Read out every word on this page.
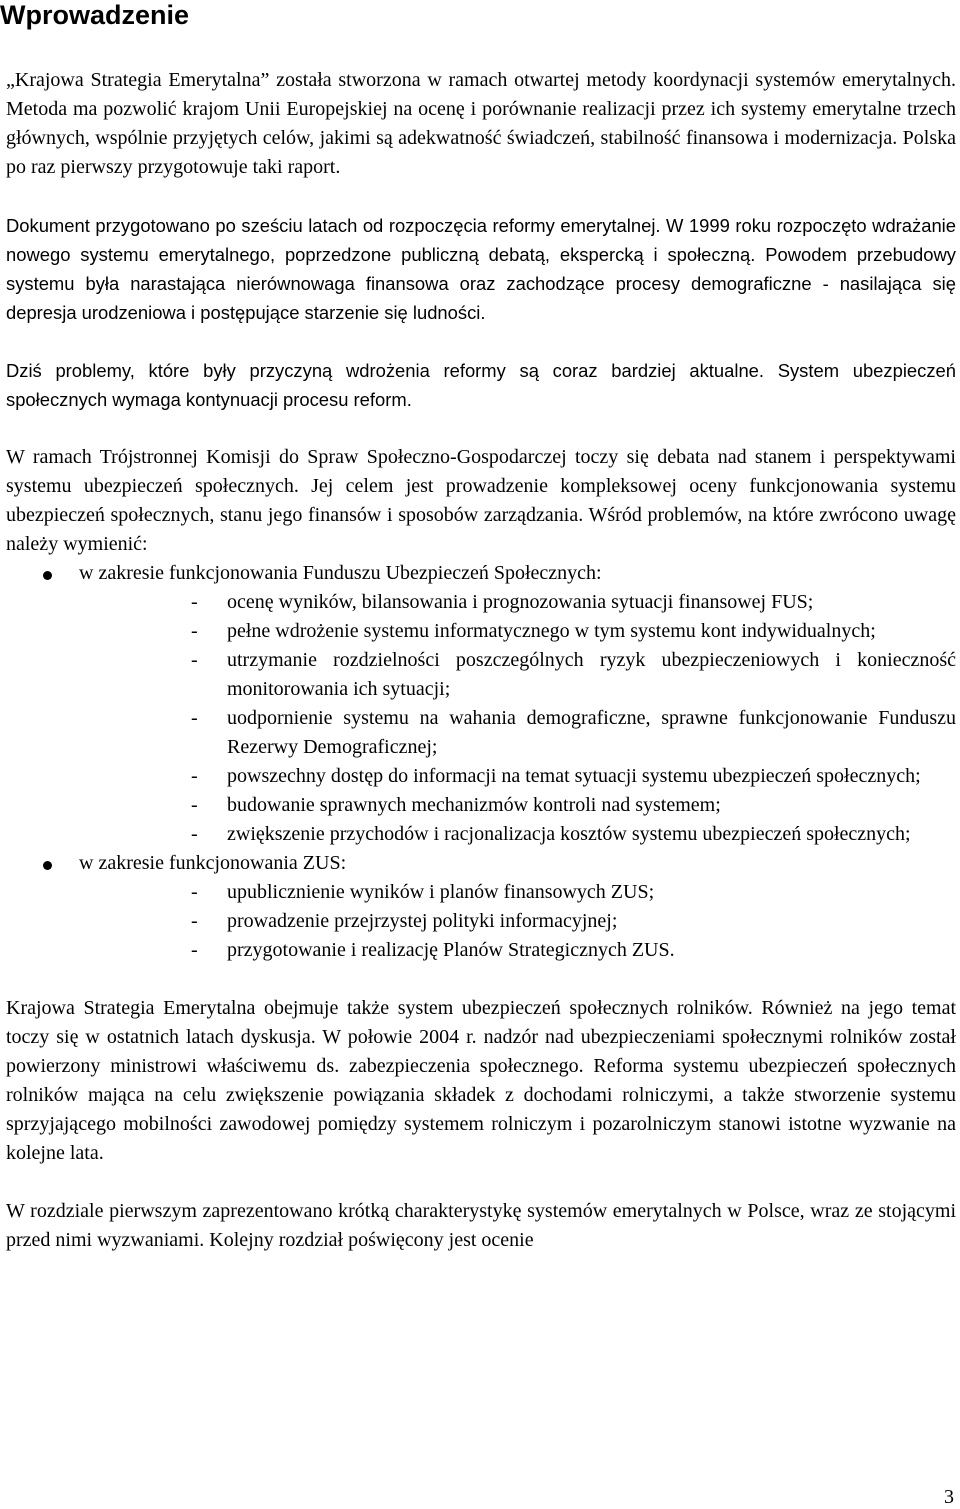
Wprowadzenie

„Krajowa Strategia Emerytalna” została stworzona w ramach otwartej metody koordynacji systemów emerytalnych. Metoda ma pozwolić krajom Unii Europejskiej na ocenę i porównanie realizacji przez ich systemy emerytalne trzech głównych, wspólnie przyjętych celów, jakimi są adekwatność świadczeń, stabilność finansowa i modernizacja. Polska po raz pierwszy przygotowuje taki raport.

Dokument przygotowano po sześciu latach od rozpoczęcia reformy emerytalnej. W 1999 roku rozpoczęto wdrażanie nowego systemu emerytalnego, poprzedzone publiczną debatą, ekspercką i społeczną. Powodem przebudowy systemu była narastająca nierównowaga finansowa oraz zachodzące procesy demograficzne - nasilająca się depresja urodzeniowa i postępujące starzenie się ludności.

Dziś problemy, które były przyczyną wdrożenia reformy są coraz bardziej aktualne. System ubezpieczeń społecznych wymaga kontynuacji procesu reform.

W ramach Trójstronnej Komisji do Spraw Społeczno-Gospodarczej toczy się debata nad stanem i perspektywami systemu ubezpieczeń społecznych. Jej celem jest prowadzenie kompleksowej oceny funkcjonowania systemu ubezpieczeń społecznych, stanu jego finansów i sposobów zarządzania. Wśród problemów, na które zwrócono uwagę należy wymienić:

w zakresie funkcjonowania Funduszu Ubezpieczeń Społecznych:
- ocenę wyników, bilansowania i prognozowania sytuacji finansowej FUS;
- pełne wdrożenie systemu informatycznego w tym systemu kont indywidualnych;
- utrzymanie rozdzielności poszczególnych ryzyk ubezpieczeniowych i konieczność monitorowania ich sytuacji;
- uodpornienie systemu na wahania demograficzne, sprawne funkcjonowanie Funduszu Rezerwy Demograficznej;
- powszechny dostęp do informacji na temat sytuacji systemu ubezpieczeń społecznych;
- budowanie sprawnych mechanizmów kontroli nad systemem;
- zwiększenie przychodów i racjonalizacja kosztów systemu ubezpieczeń społecznych;
w zakresie funkcjonowania ZUS:
- upublicznienie wyników i planów finansowych ZUS;
- prowadzenie przejrzystej polityki informacyjnej;
- przygotowanie i realizację Planów Strategicznych ZUS.

Krajowa Strategia Emerytalna obejmuje także system ubezpieczeń społecznych rolników. Również na jego temat toczy się w ostatnich latach dyskusja. W połowie 2004 r. nadzór nad ubezpieczeniami społecznymi rolników został powierzony ministrowi właściwemu ds. zabezpieczenia społecznego. Reforma systemu ubezpieczeń społecznych rolników mająca na celu zwiększenie powiązania składek z dochodami rolniczymi, a także stworzenie systemu sprzyjającego mobilności zawodowej pomiędzy systemem rolniczym i pozarolniczym stanowi istotne wyzwanie na kolejne lata.

W rozdziale pierwszym zaprezentowano krótką charakterystykę systemów emerytalnych w Polsce, wraz ze stojącymi przed nimi wyzwaniami. Kolejny rozdział poświęcony jest ocenie

3
